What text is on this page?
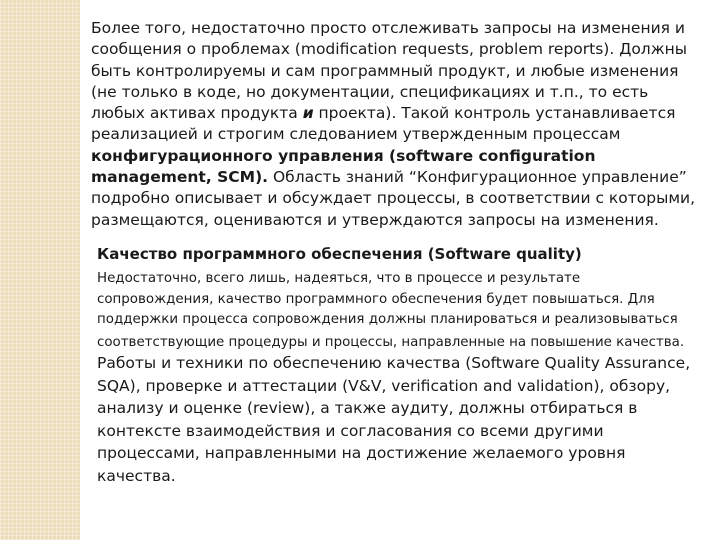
Более того, недостаточно просто отслеживать запросы на изменения и сообщения о проблемах (modification requests, problem reports). Должны быть контролируемы и сам программный продукт, и любые изменения (не только в коде, но документации, спецификациях и т.п., то есть любых активах продукта и проекта). Такой контроль устанавливается реализацией и строгим следованием утвержденным процессам конфигурационного управления (software configuration management, SCM). Область знаний “Конфигурационное управление” подробно описывает и обсуждает процессы, в соответствии с которыми, размещаются, оцениваются и утверждаются запросы на изменения.

Качество программного обеспечения (Software quality)

Недостаточно, всего лишь, надеяться, что в процессе и результате сопровождения, качество программного обеспечения будет повышаться. Для поддержки процесса сопровождения должны планироваться и реализовываться соответствующие процедуры и процессы, направленные на повышение качества. Работы и техники по обеспечению качества (Software Quality Assurance, SQA), проверке и аттестации (V&V, verification and validation), обзору, анализу и оценке (review), а также аудиту, должны отбираться в контексте взаимодействия и согласования со всеми другими процессами, направленными на достижение желаемого уровня качества.
